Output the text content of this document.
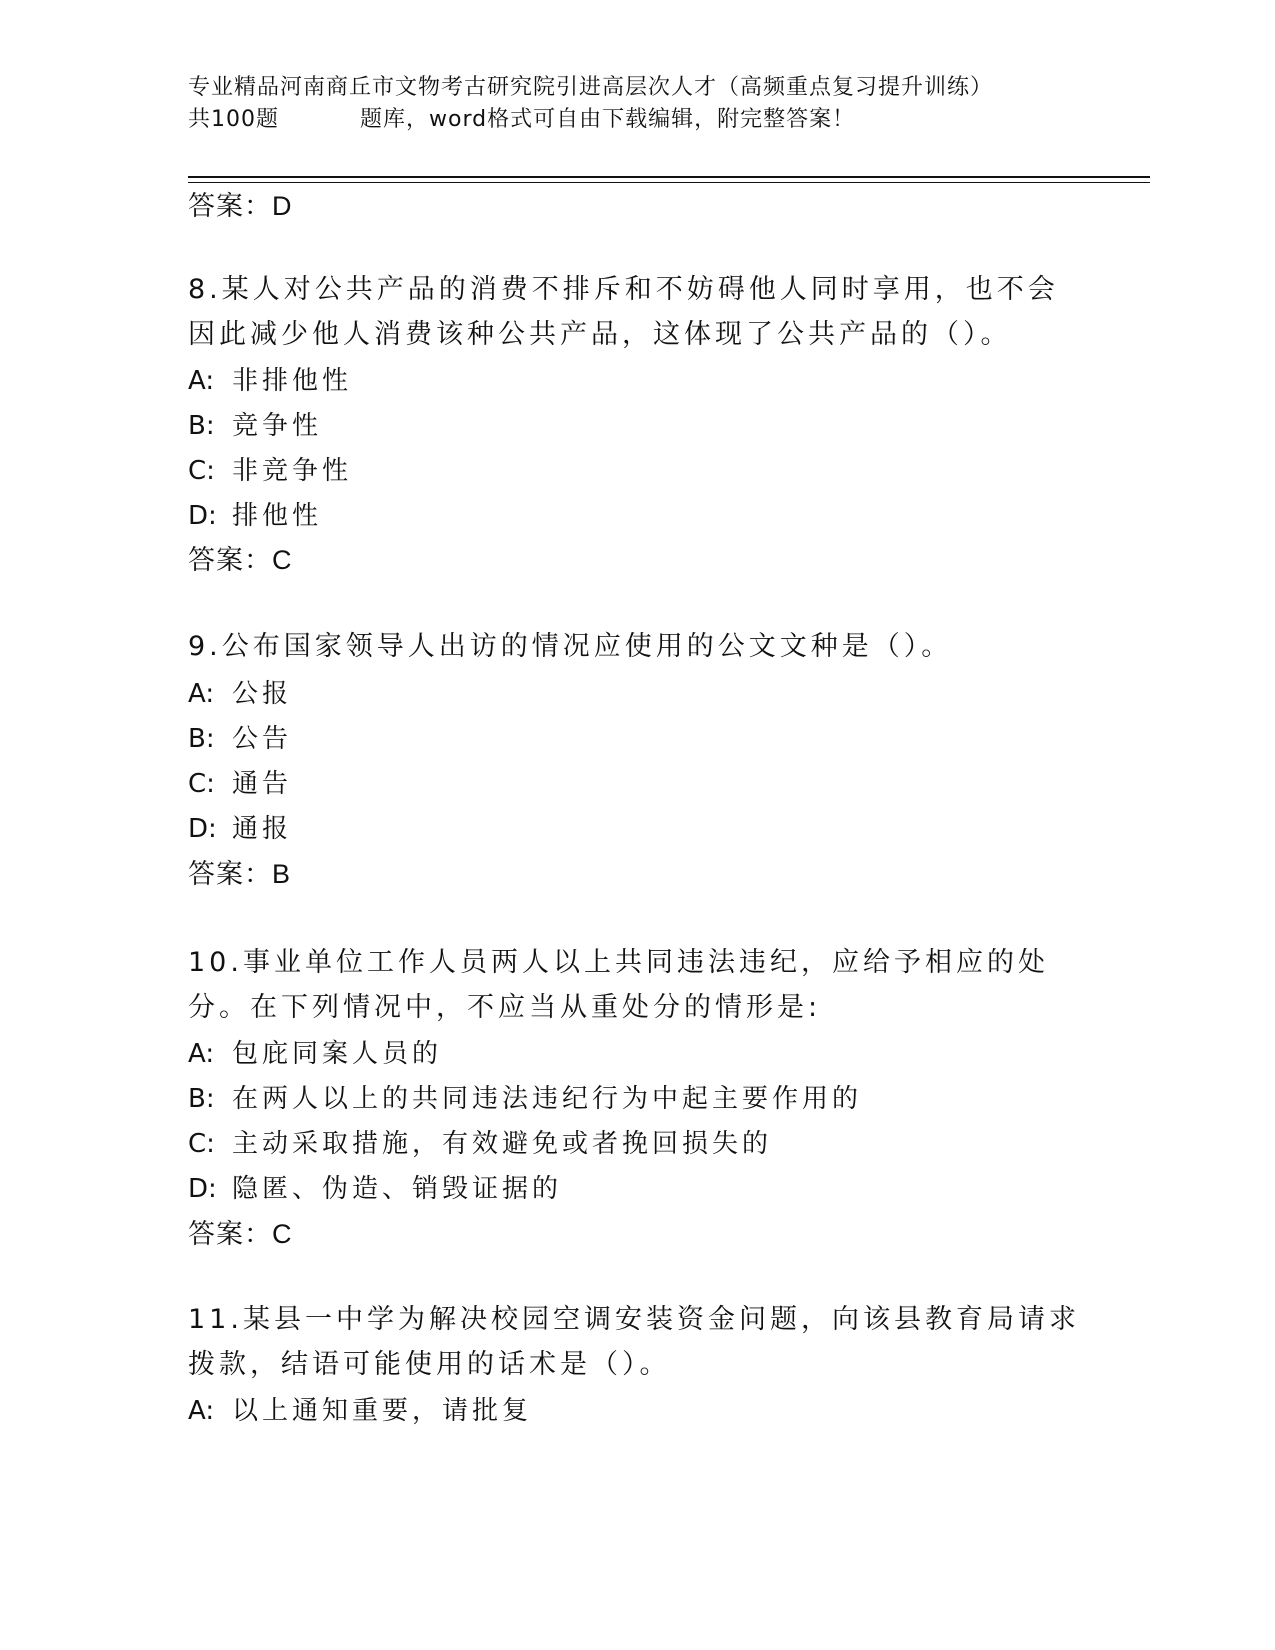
专业精品河南商丘市文物考古研究院引进高层次人才（高频重点复习提升训练）
共100题	题库，word格式可自由下载编辑，附完整答案！
答案：D
8.某人对公共产品的消费不排斥和不妨碍他人同时享用，也不会因此减少他人消费该种公共产品，这体现了公共产品的（）。
A: 非排他性
B: 竞争性
C: 非竞争性
D: 排他性
答案：C
9.公布国家领导人出访的情况应使用的公文文种是（）。
A: 公报
B: 公告
C: 通告
D: 通报
答案：B
10.事业单位工作人员两人以上共同违法违纪，应给予相应的处分。在下列情况中，不应当从重处分的情形是:
A: 包庇同案人员的
B: 在两人以上的共同违法违纪行为中起主要作用的
C: 主动采取措施，有效避免或者挽回损失的
D: 隐匿、伪造、销毁证据的
答案：C
11.某县一中学为解决校园空调安装资金问题，向该县教育局请求拨款，结语可能使用的话术是（）。
A: 以上通知重要，请批复
